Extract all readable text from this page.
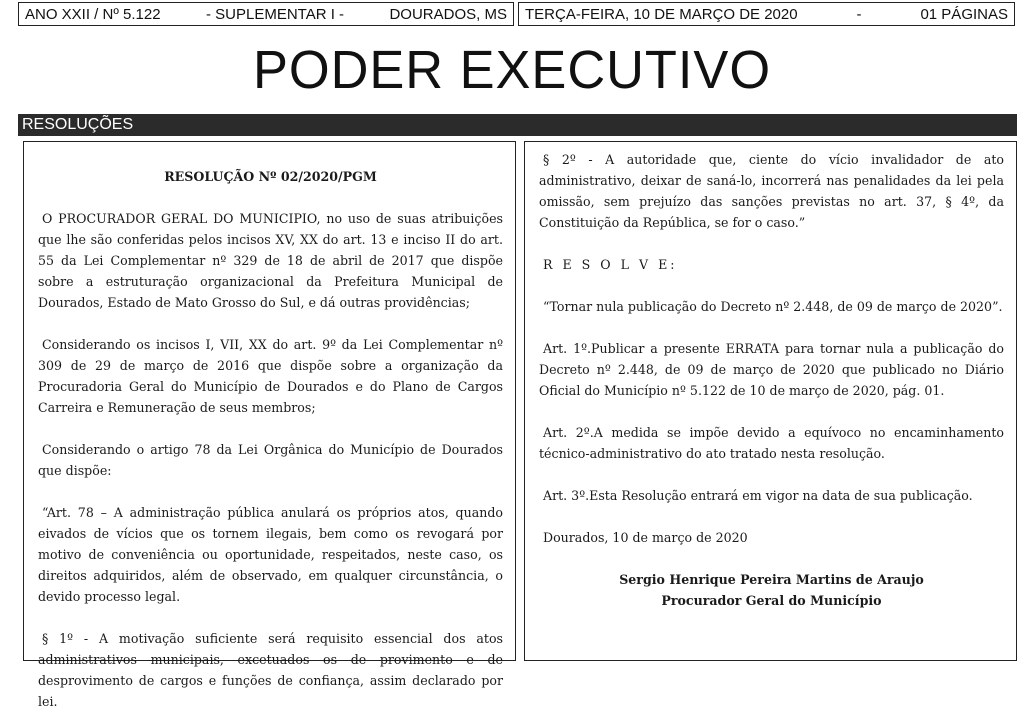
ANO XXII / Nº 5.122	- SUPLEMENTAR I -	DOURADOS, MS TERÇA-FEIRA, 10 DE MARÇO DE 2020	-	01 PÁGINAS
PODER EXECUTIVO
RESOLUÇÕES

RESOLUÇÃO Nº 02/2020/PGM

O PROCURADOR GERAL DO MUNICIPIO, no uso de suas atribuições que lhe são conferidas pelos incisos XV, XX do art. 13 e inciso II do art. 55 da Lei Complementar nº 329 de 18 de abril de 2017 que dispõe sobre a estruturação organizacional da Prefeitura Municipal de Dourados, Estado de Mato Grosso do Sul, e dá outras providências;

Considerando os incisos I, VII, XX do art. 9º da Lei Complementar nº 309 de 29 de março de 2016 que dispõe sobre a organização da Procuradoria Geral do Município de Dourados e do Plano de Cargos Carreira e Remuneração de seus membros;

Considerando o artigo 78 da Lei Orgânica do Município de Dourados que dispõe:

“Art. 78 – A administração pública anulará os próprios atos, quando eivados de vícios que os tornem ilegais, bem como os revogará por motivo de conveniência ou oportunidade, respeitados, neste caso, os direitos adquiridos, além de observado, em qualquer circunstância, o devido processo legal.

§ 1º - A motivação suficiente será requisito essencial dos atos administrativos municipais, excetuados os de provimento e de desprovimento de cargos e funções de confiança, assim declarado por lei.

§ 2º - A autoridade que, ciente do vício invalidador de ato administrativo, deixar de saná-lo, incorrerá nas penalidades da lei pela omissão, sem prejuízo das sanções previstas no art. 37, § 4º, da Constituição da República, se for o caso.”

R E S O L V E:

“Tornar nula publicação do Decreto nº 2.448, de 09 de março de 2020”.

Art. 1º.Publicar a presente ERRATA para tornar nula a publicação do Decreto nº 2.448, de 09 de março de 2020 que publicado no Diário Oficial do Município nº 5.122 de 10 de março de 2020, pág. 01.

Art. 2º.A medida se impõe devido a equívoco no encaminhamento técnico-administrativo do ato tratado nesta resolução.

Art. 3º.Esta Resolução entrará em vigor na data de sua publicação.

Dourados, 10 de março de 2020

Sergio Henrique Pereira Martins de Araujo

Procurador Geral do Município
